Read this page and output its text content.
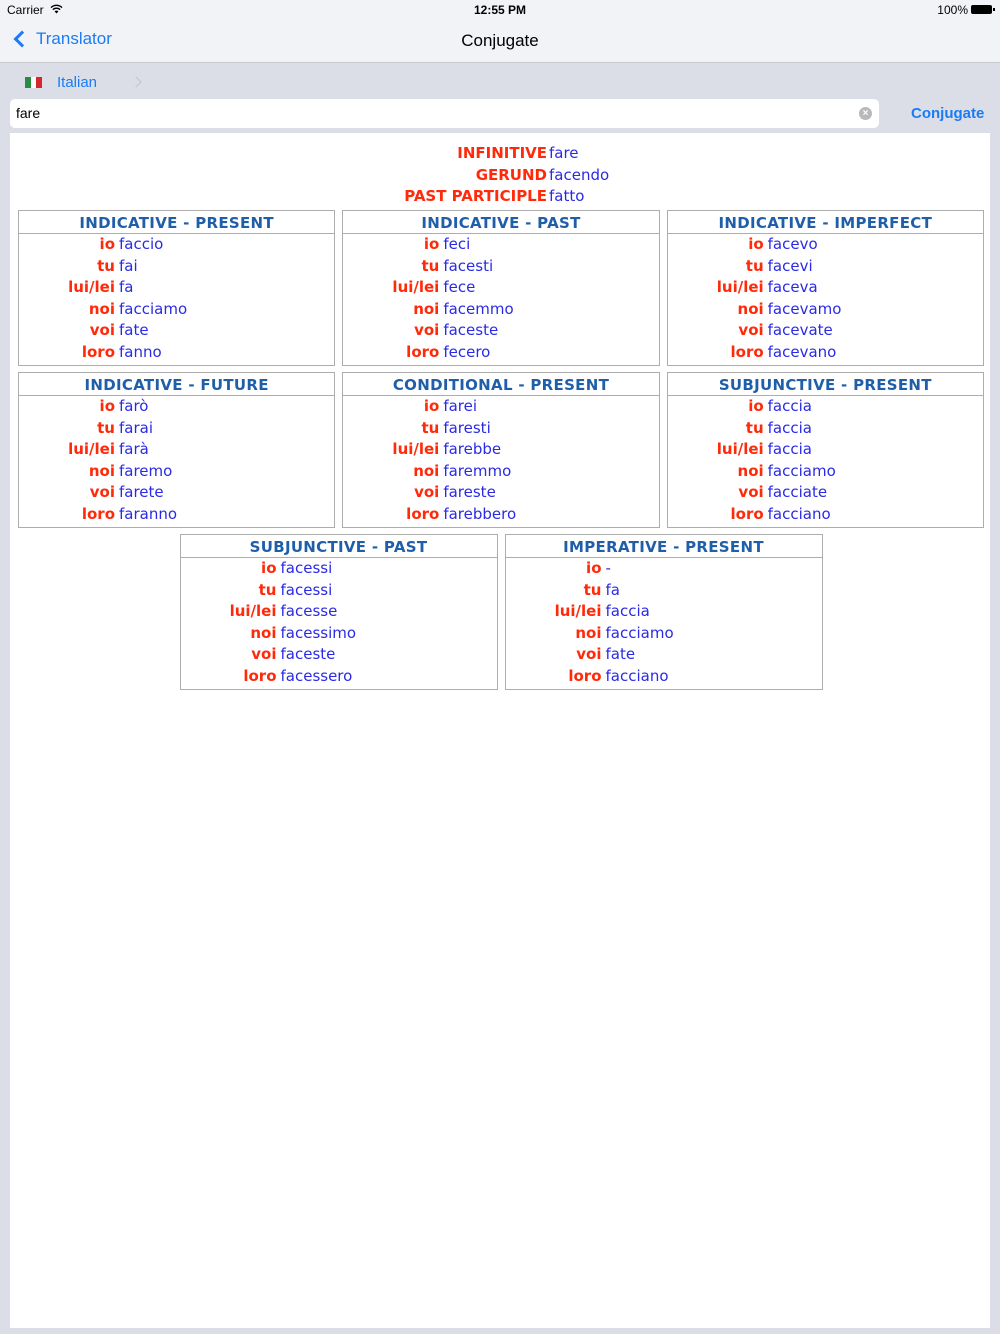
Carrier	12:55 PM	100%
Translator	Conjugate
Italian
fare
×	Conjugate
INFINITIVE fare
GERUND facendo
PAST PARTICIPLE fatto
INDICATIVE - PRESENT
io faccio
tu fai
lui/lei fa
noi facciamo
voi fate
loro fanno
INDICATIVE - PAST
io feci
tu facesti
lui/lei fece
noi facemmo
voi faceste
loro fecero
INDICATIVE - IMPERFECT
io facevo
tu facevi
lui/lei faceva
noi facevamo
voi facevate
loro facevano
INDICATIVE - FUTURE
io farò
tu farai
lui/lei farà
noi faremo
voi farete
loro faranno
CONDITIONAL - PRESENT
io farei
tu faresti
lui/lei farebbe
noi faremmo
voi fareste
loro farebbero
SUBJUNCTIVE - PRESENT
io faccia
tu faccia
lui/lei faccia
noi facciamo
voi facciate
loro facciano
SUBJUNCTIVE - PAST
io facessi
tu facessi
lui/lei facesse
noi facessimo
voi faceste
loro facessero
IMPERATIVE - PRESENT
io -
tu fa
lui/lei faccia
noi facciamo
voi fate
loro facciano
